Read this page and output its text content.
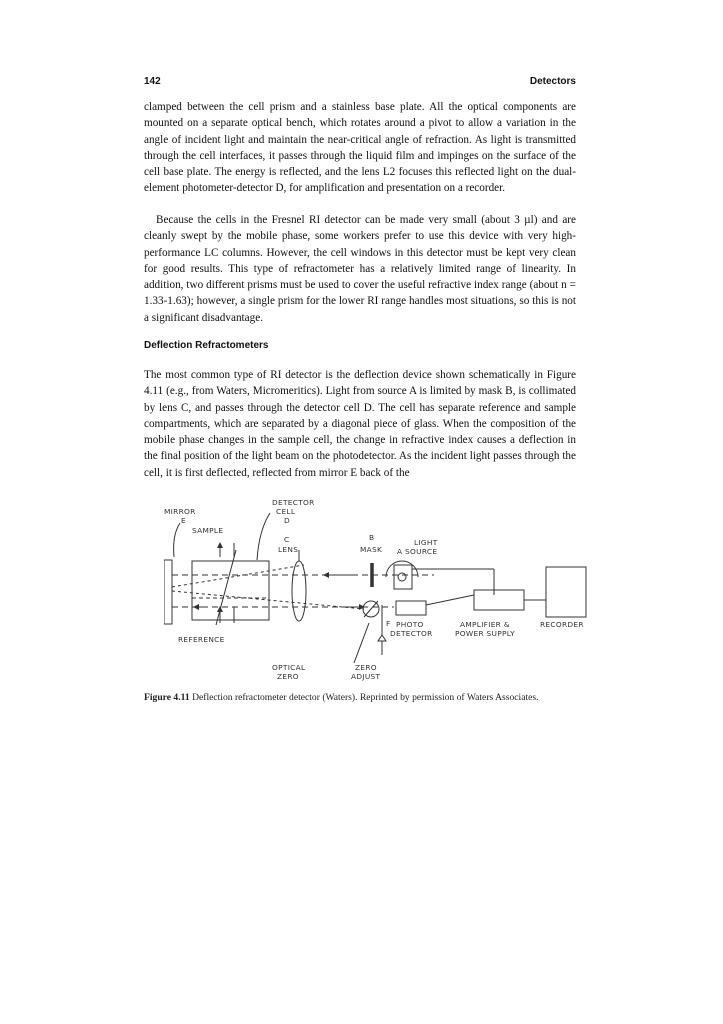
142	Detectors

clamped between the cell prism and a stainless base plate. All the optical components are mounted on a separate optical bench, which rotates around a pivot to allow a variation in the angle of incident light and maintain the near-critical angle of refraction. As light is transmitted through the cell interfaces, it passes through the liquid film and impinges on the surface of the cell base plate. The energy is reflected, and the lens L2 focuses this reflected light on the dual-element photometer-detector D, for amplification and presentation on a recorder.

Because the cells in the Fresnel RI detector can be made very small (about 3 µl) and are cleanly swept by the mobile phase, some workers prefer to use this device with very high-performance LC columns. However, the cell windows in this detector must be kept very clean for good results. This type of refractometer has a relatively limited range of linearity. In addition, two different prisms must be used to cover the useful refractive index range (about n = 1.33-1.63); however, a single prism for the lower RI range handles most situations, so this is not a significant disadvantage.

Deflection Refractometers

The most common type of RI detector is the deflection device shown schematically in Figure 4.11 (e.g., from Waters, Micromeritics). Light from source A is limited by mask B, is collimated by lens C, and passes through the detector cell D. The cell has separate reference and sample compartments, which are separated by a diagonal piece of glass. When the composition of the mobile phase changes in the sample cell, the change in refractive index causes a deflection in the final position of the light beam on the photodetector. As the incident light passes through the cell, it is first deflected, reflected from mirror E back of the

DETECTOR
CELL
D
MIRROR
E
SAMPLE
C
LENS
B
MASK
LIGHT
A SOURCE
F PHOTO
DETECTOR
AMPLIFIER &
POWER SUPPLY
RECORDER
REFERENCE
OPTICAL
ZERO
ZERO
ADJUST
Figure 4.11 Deflection refractometer detector (Waters). Reprinted by permission of Waters Associates.
